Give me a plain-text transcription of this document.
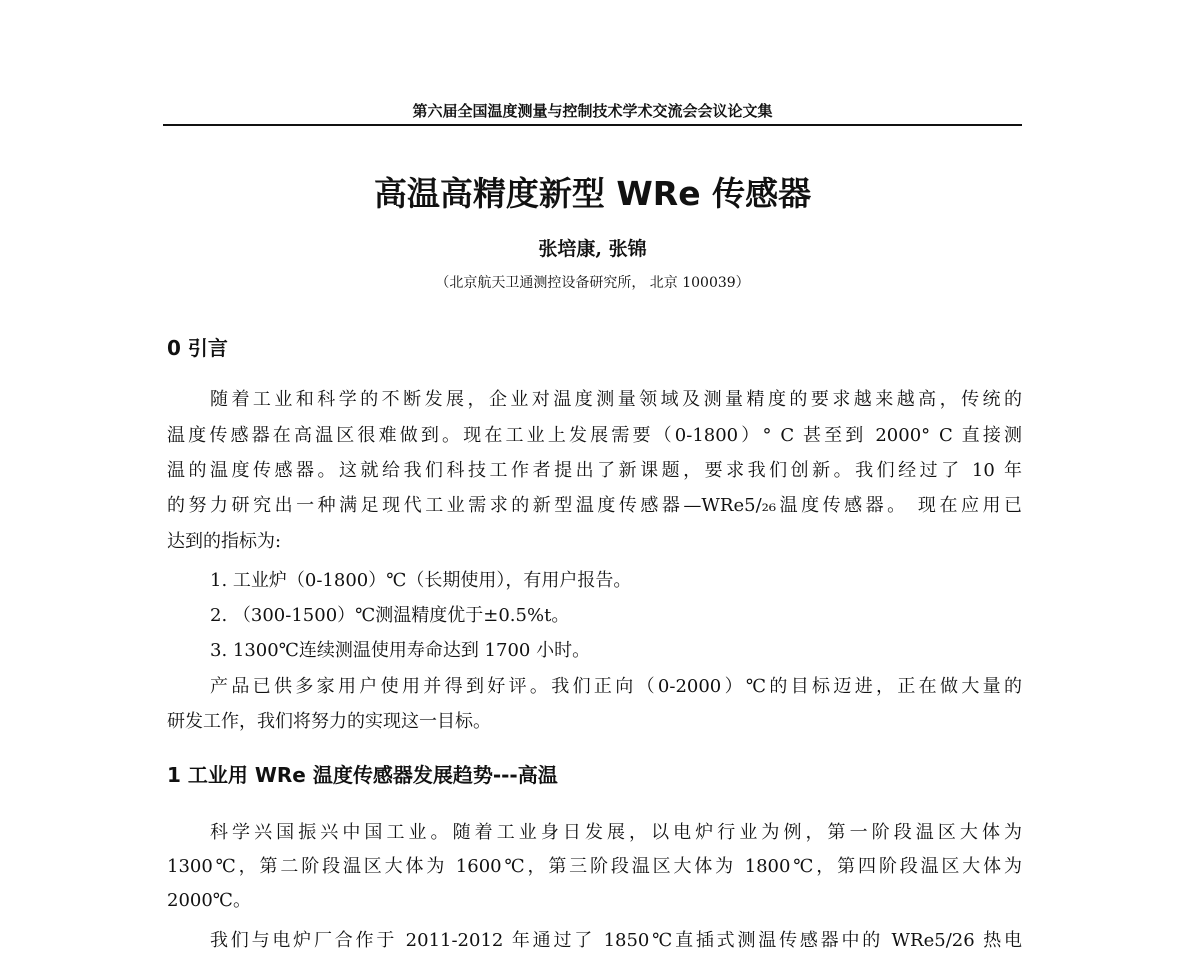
第六届全国温度测量与控制技术学术交流会会议论文集
高温高精度新型 WRe 传感器
张培康, 张锦
（北京航天卫通测控设备研究所， 北京 100039）
0 引言
随着工业和科学的不断发展，企业对温度测量领域及测量精度的要求越来越高，传统的
温度传感器在高温区很难做到。现在工业上发展需要（0-1800）° C 甚至到 2000° C 直接测
温的温度传感器。这就给我们科技工作者提出了新课题，要求我们创新。我们经过了 10 年
的努力研究出一种满足现代工业需求的新型温度传感器—WRe5/₂₆温度传感器。 现在应用已
达到的指标为:
1. 工业炉（0-1800）℃（长期使用），有用户报告。
2. （300-1500）℃测温精度优于±0.5%t。
3. 1300℃连续测温使用寿命达到 1700 小时。
产品已供多家用户使用并得到好评。我们正向（0-2000）℃的目标迈进，正在做大量的
研发工作，我们将努力的实现这一目标。
1 工业用 WRe 温度传感器发展趋势---高温
科学兴国振兴中国工业。随着工业身日发展，以电炉行业为例，第一阶段温区大体为
1300℃，第二阶段温区大体为 1600℃，第三阶段温区大体为 1800℃，第四阶段温区大体为
2000℃。
我们与电炉厂合作于 2011-2012 年通过了 1850℃直插式测温传感器中的 WRe5/26 热电
